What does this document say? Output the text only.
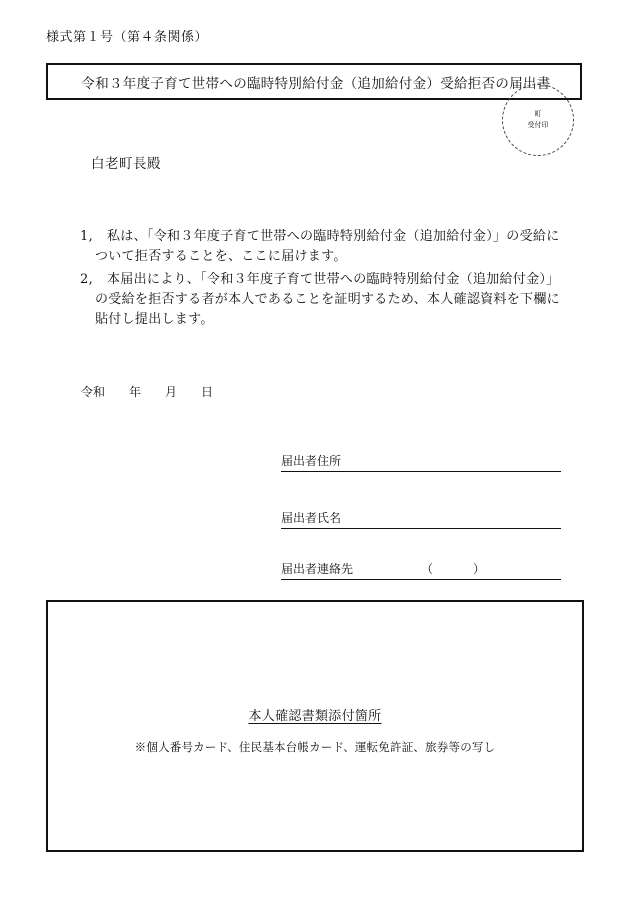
様式第１号（第４条関係）
令和３年度子育て世帯への臨時特別給付金（追加給付金）受給拒否の届出書
町
受付印
白老町長殿
1,	私は、「令和３年度子育て世帯への臨時特別給付金（追加給付金）」の受給について拒否することを、ここに届けます。
2,	本届出により、「令和３年度子育て世帯への臨時特別給付金（追加給付金）」の受給を拒否する者が本人であることを証明するため、本人確認資料を下欄に貼付し提出します。
令和 年 月 日
届出者住所
届出者氏名
届出者連絡先	（	）
本人確認書類添付箇所
※個人番号カード、住民基本台帳カード、運転免許証、旅券等の写し
